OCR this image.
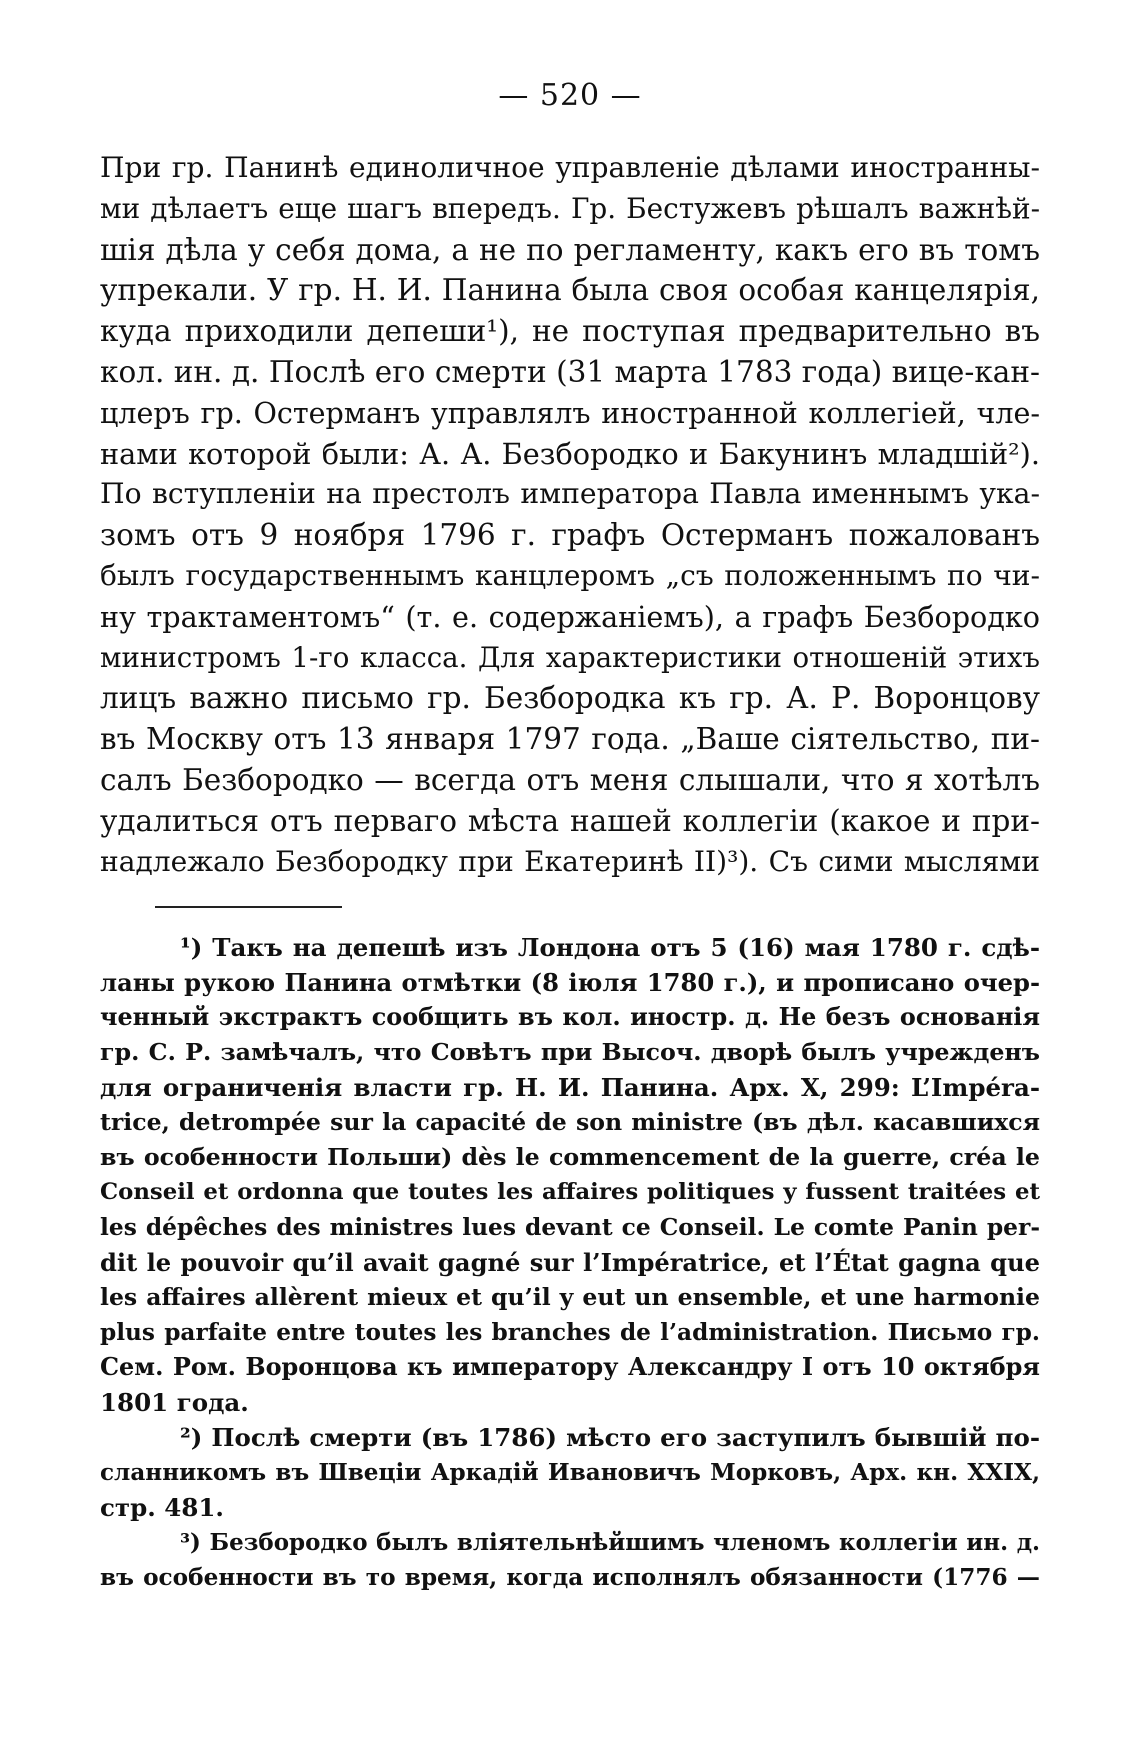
— 520 —
При гр. Панинѣ единоличное управленіе дѣлами иностранны-
ми дѣлаетъ еще шагъ впередъ. Гр. Бестужевъ рѣшалъ важнѣй-
шія дѣла у себя дома, а не по регламенту, какъ его въ томъ
упрекали. У гр. Н. И. Панина была своя особая канцелярія,
куда приходили депеши¹), не поступая предварительно въ
кол. ин. д. Послѣ его смерти (31 марта 1783 года) вице-кан-
цлеръ гр. Остерманъ управлялъ иностранной коллегіей, чле-
нами которой были: А. А. Безбородко и Бакунинъ младшій²).
По вступленіи на престолъ императора Павла именнымъ ука-
зомъ отъ 9 ноября 1796 г. графъ Остерманъ пожалованъ
былъ государственнымъ канцлеромъ „съ положеннымъ по чи-
ну трактаментомъ“ (т. е. содержаніемъ), а графъ Безбородко
министромъ 1-го класса. Для характеристики отношеній этихъ
лицъ важно письмо гр. Безбородка къ гр. А. Р. Воронцову
въ Москву отъ 13 января 1797 года. „Ваше сіятельство, пи-
салъ Безбородко — всегда отъ меня слышали, что я хотѣлъ
удалиться отъ перваго мѣста нашей коллегіи (какое и при-
надлежало Безбородку при Екатеринѣ II)³). Съ сими мыслями
¹) Такъ на депешѣ изъ Лондона отъ 5 (16) мая 1780 г. сдѣ-
ланы рукою Панина отмѣтки (8 іюля 1780 г.), и прописано очер-
ченный экстрактъ сообщить въ кол. иностр. д. Не безъ основанія
гр. С. Р. замѣчалъ, что Совѣтъ при Высоч. дворѣ былъ учрежденъ
для ограниченія власти гр. Н. И. Панина. Арх. X, 299: L’Impéra-
trice, detrompée sur la capacité de son ministre (въ дѣл. касавшихся
въ особенности Польши) dès le commencement de la guerre, créa le
Conseil et ordonna que toutes les affaires politiques y fussent traitées et
les dépêches des ministres lues devant ce Conseil. Le comte Panin per-
dit le pouvoir qu’il avait gagné sur l’Impératrice, et l’État gagna que
les affaires allèrent mieux et qu’il y eut un ensemble, et une harmonie
plus parfaite entre toutes les branches de l’administration. Письмо гр.
Сем. Ром. Воронцова къ императору Александру I отъ 10 октября
1801 года.
²) Послѣ смерти (въ 1786) мѣсто его заступилъ бывшій по-
сланникомъ въ Швеціи Аркадій Ивановичъ Морковъ, Арх. кн. XXIX,
стр. 481.
³) Безбородко былъ вліятельнѣйшимъ членомъ коллегіи ин. д.
въ особенности въ то время, когда исполнялъ обязанности (1776 —
